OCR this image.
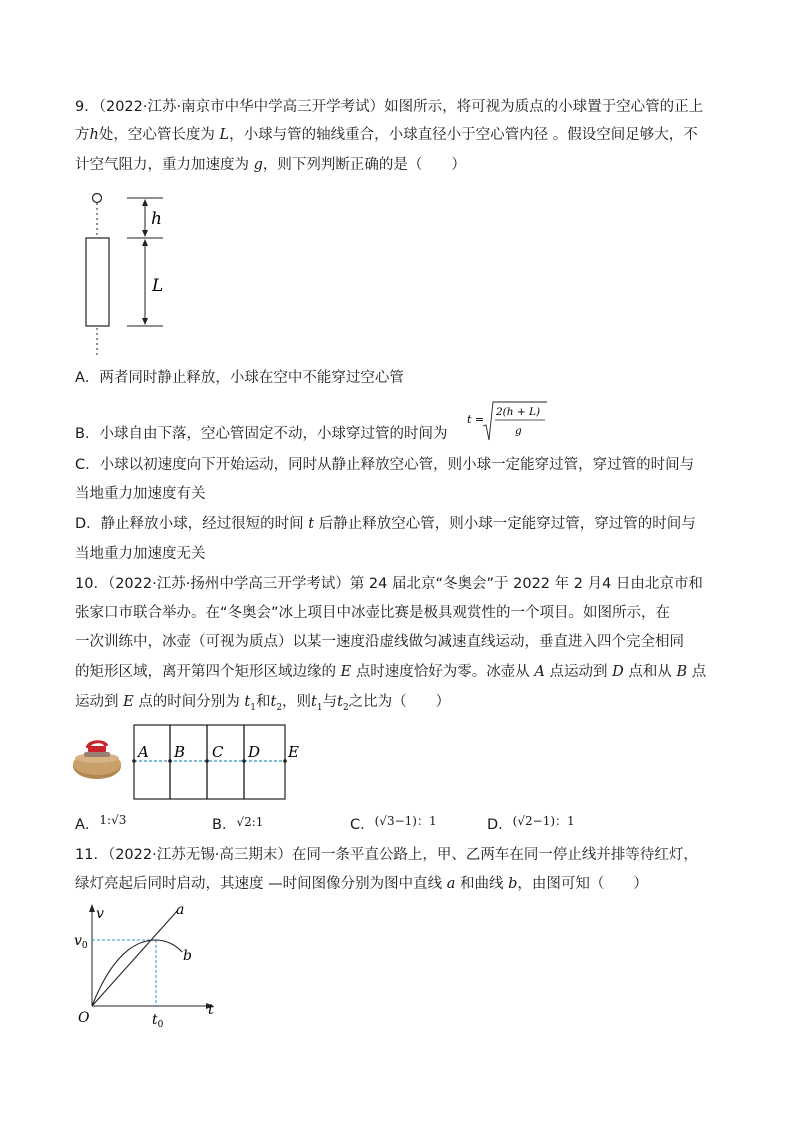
9．（2022·江苏·南京市中华中学高三开学考试）如图所示，将可视为质点的小球置于空心管的正上
方h处，空心管长度为 L，小球与管的轴线重合，小球直径小于空心管内径 。假设空间足够大，不
计空气阻力，重力加速度为 g，则下列判断正确的是（　　）
h
L
A．两者同时静止释放，小球在空中不能穿过空心管
B．小球自由下落，空心管固定不动，小球穿过管的时间为
t =
2(h + L)
g
C．小球以初速度向下开始运动，同时从静止释放空心管，则小球一定能穿过管，穿过管的时间与
当地重力加速度有关
D．静止释放小球，经过很短的时间 t 后静止释放空心管，则小球一定能穿过管，穿过管的时间与
当地重力加速度无关
10．（2022·江苏·扬州中学高三开学考试）第 24 届北京“冬奥会”于 2022 年 2 月4 日由北京市和
张家口市联合举办。在“冬奥会”冰上项目中冰壶比赛是极具观赏性的一个项目。如图所示，在
一次训练中，冰壶（可视为质点）以某一速度沿虚线做匀减速直线运动，垂直进入四个完全相同
的矩形区域，离开第四个矩形区域边缘的 E 点时速度恰好为零。冰壶从 A 点运动到 D 点和从 B 点
运动到 E 点的时间分别为 $t_1$和$t_2$，则$t_1$与$t_2$之比为（　　）
A B C D E
A．$^{1:√3}$	B．$^{√2:1}$	C．$^{(√3-1):1}$	D．$^{(√2-1):1}$
11．（2022·江苏无锡·高三期末）在同一条平直公路上，甲、乙两车在同一停止线并排等待红灯，
绿灯亮起后同时启动，其速度 —时间图像分别为图中直线 a 和曲线 b，由图可知（　　）
v
t
$v_0$
$t_0$
O
a
b
